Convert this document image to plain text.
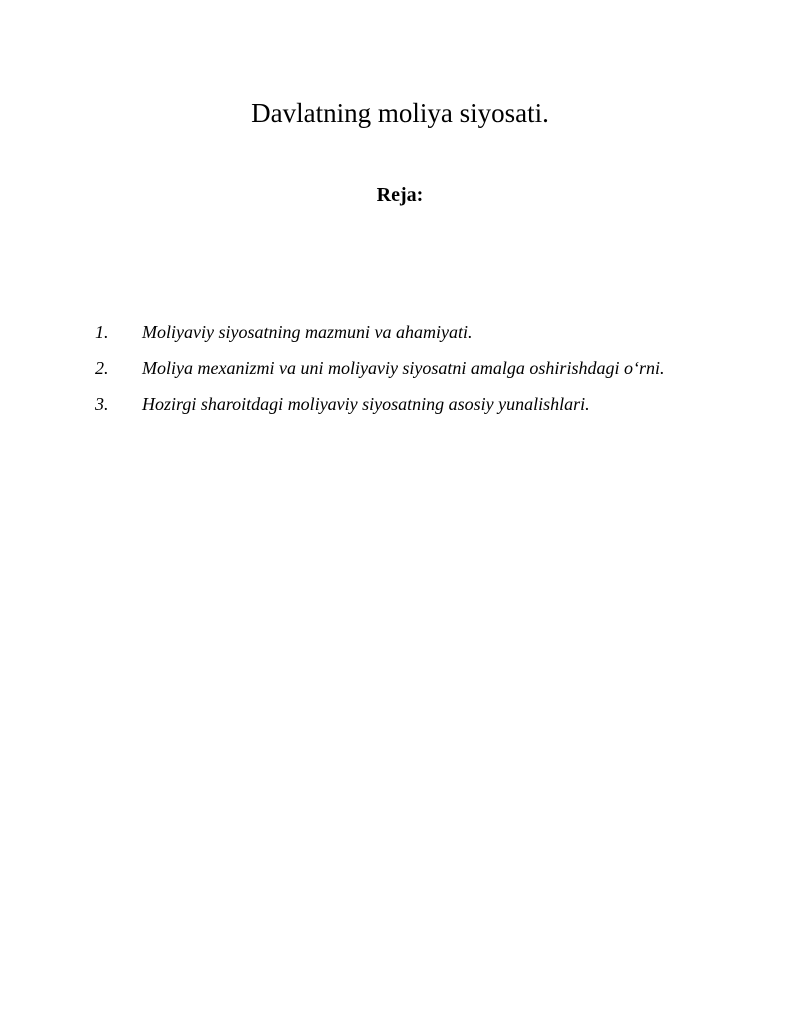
Davlatning moliya siyosati.
Reja:
1. Moliyaviy siyosatning mazmuni va ahamiyati.
2. Moliya mexanizmi va uni moliyaviy siyosatni amalga oshirishdagi o‘rni.
3. Hozirgi sharoitdagi moliyaviy siyosatning asosiy yunalishlari.
